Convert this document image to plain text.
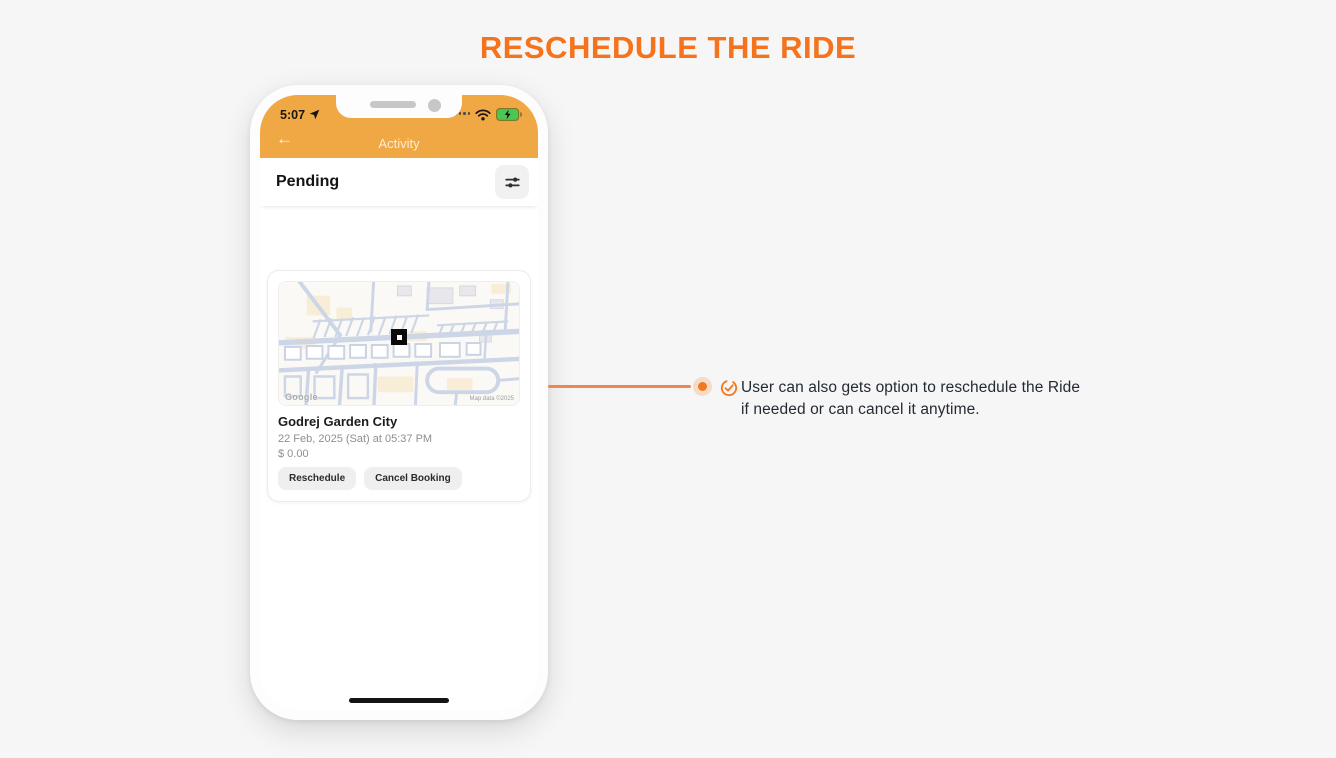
RESCHEDULE THE RIDE
5:07
←	Activity
Pending
Google	Map data ©2025
Godrej Garden City
22 Feb, 2025 (Sat) at 05:37 PM
$ 0.00
Reschedule	Cancel Booking
User can also gets option to reschedule the Ride
if needed or can cancel it anytime.
